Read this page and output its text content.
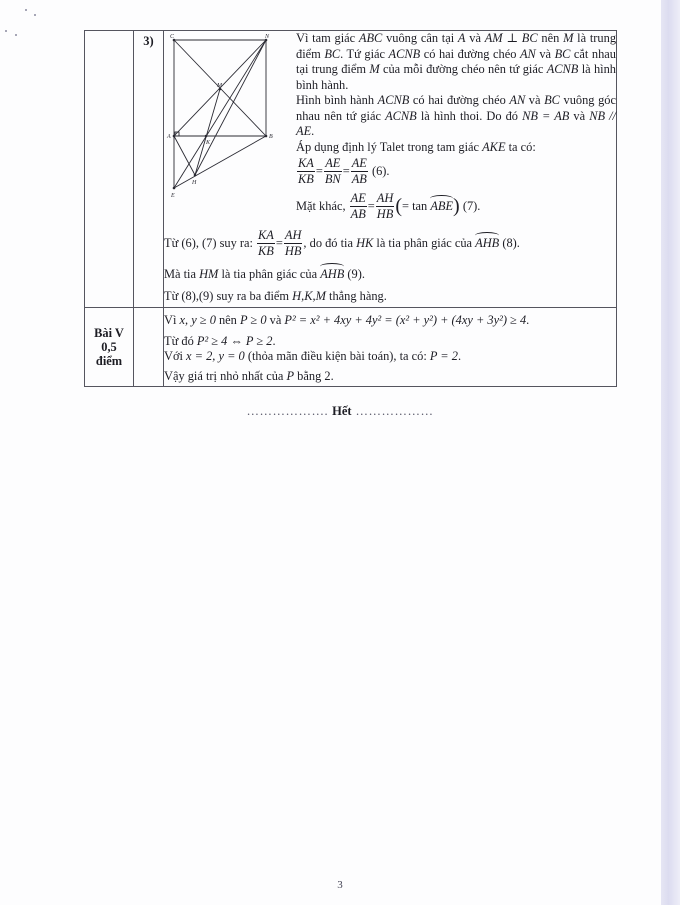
3)	C	N
M
A
K
B
H
E

Vì tam giác ABC vuông cân tại A và AM ⊥ BC nên M là trung điểm BC. Tứ giác ACNB có hai đường chéo AN và BC cắt nhau tại trung điểm M của mỗi đường chéo nên tứ giác ACNB là hình bình hành.

Hình bình hành ACNB có hai đường chéo AN và BC vuông góc nhau nên tứ giác ACNB là hình thoi. Do đó NB = AB và NB // AE.

Áp dụng định lý Talet trong tam giác AKE ta có:

$\frac{KA}{KB} = \frac{AE}{BN} = \frac{AE}{AB} (6)$.

Mặt khác, $\frac{AE}{AB} = \frac{AH}{HB}$ (= tan ABE) (7).

Từ (6), (7) suy ra: $\frac{KA}{KB} = \frac{AH}{HB}$ , do đó tia HK là tia phân giác của AHB (8).
Mà tia HM là tia phân giác của AHB (9).
Từ (8),(9) suy ra ba điểm H,K,M thẳng hàng.

Bài V
0,5
điểm		Vì x, y ≥ 0 nên P ≥ 0 và P² = x² + 4xy + 4y² = (x² + y²) + (4xy + 3y²) ≥ 4.
Từ đó P² ≥ 4 ⇔ P ≥ 2.
Với x = 2, y = 0 (thỏa mãn điều kiện bài toán), ta có: P = 2.
Vậy giá trị nhỏ nhất của P bằng 2.
………………. Hết ………………
3
